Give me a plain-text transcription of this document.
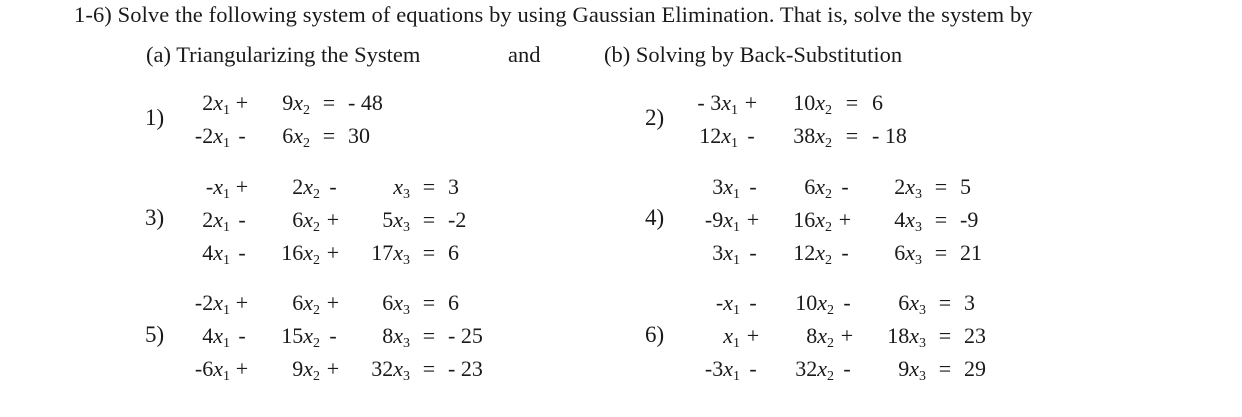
1-6) Solve the following system of equations by using Gaussian Elimination. That is, solve the system by
(a) Triangularizing the System	and	(b) Solving by Back-Substitution
1)
$2x_1$	+	$9x_2$	=	- 48
$-2x_1$	-	$6x_2$	=	30
2)
- $3x_1$	+	$10x_2$	=	6
$12x_1$	-	$38x_2$	=	- 18
3)
$-x_1$	+	$2x_2$	-	$x_3$	=	3
$2x_1$	-	$6x_2$	+	$5x_3$	=	-2
$4x_1$	-	$16x_2$	+	$17x_3$	=	6
4)
$3x_1$	-	$6x_2$	-	$2x_3$	=	5
$-9x_1$	+	$16x_2$	+	$4x_3$	=	-9
$3x_1$	-	$12x_2$	-	$6x_3$	=	21
5)
$-2x_1$	+	$6x_2$	+	$6x_3$	=	6
$4x_1$	-	$15x_2$	-	$8x_3$	=	- 25
$-6x_1$	+	$9x_2$	+	$32x_3$	=	- 23
6)
$-x_1$	-	$10x_2$	-	$6x_3$	=	3
$x_1$	+	$8x_2$	+	$18x_3$	=	23
$-3x_1$	-	$32x_2$	-	$9x_3$	=	29
